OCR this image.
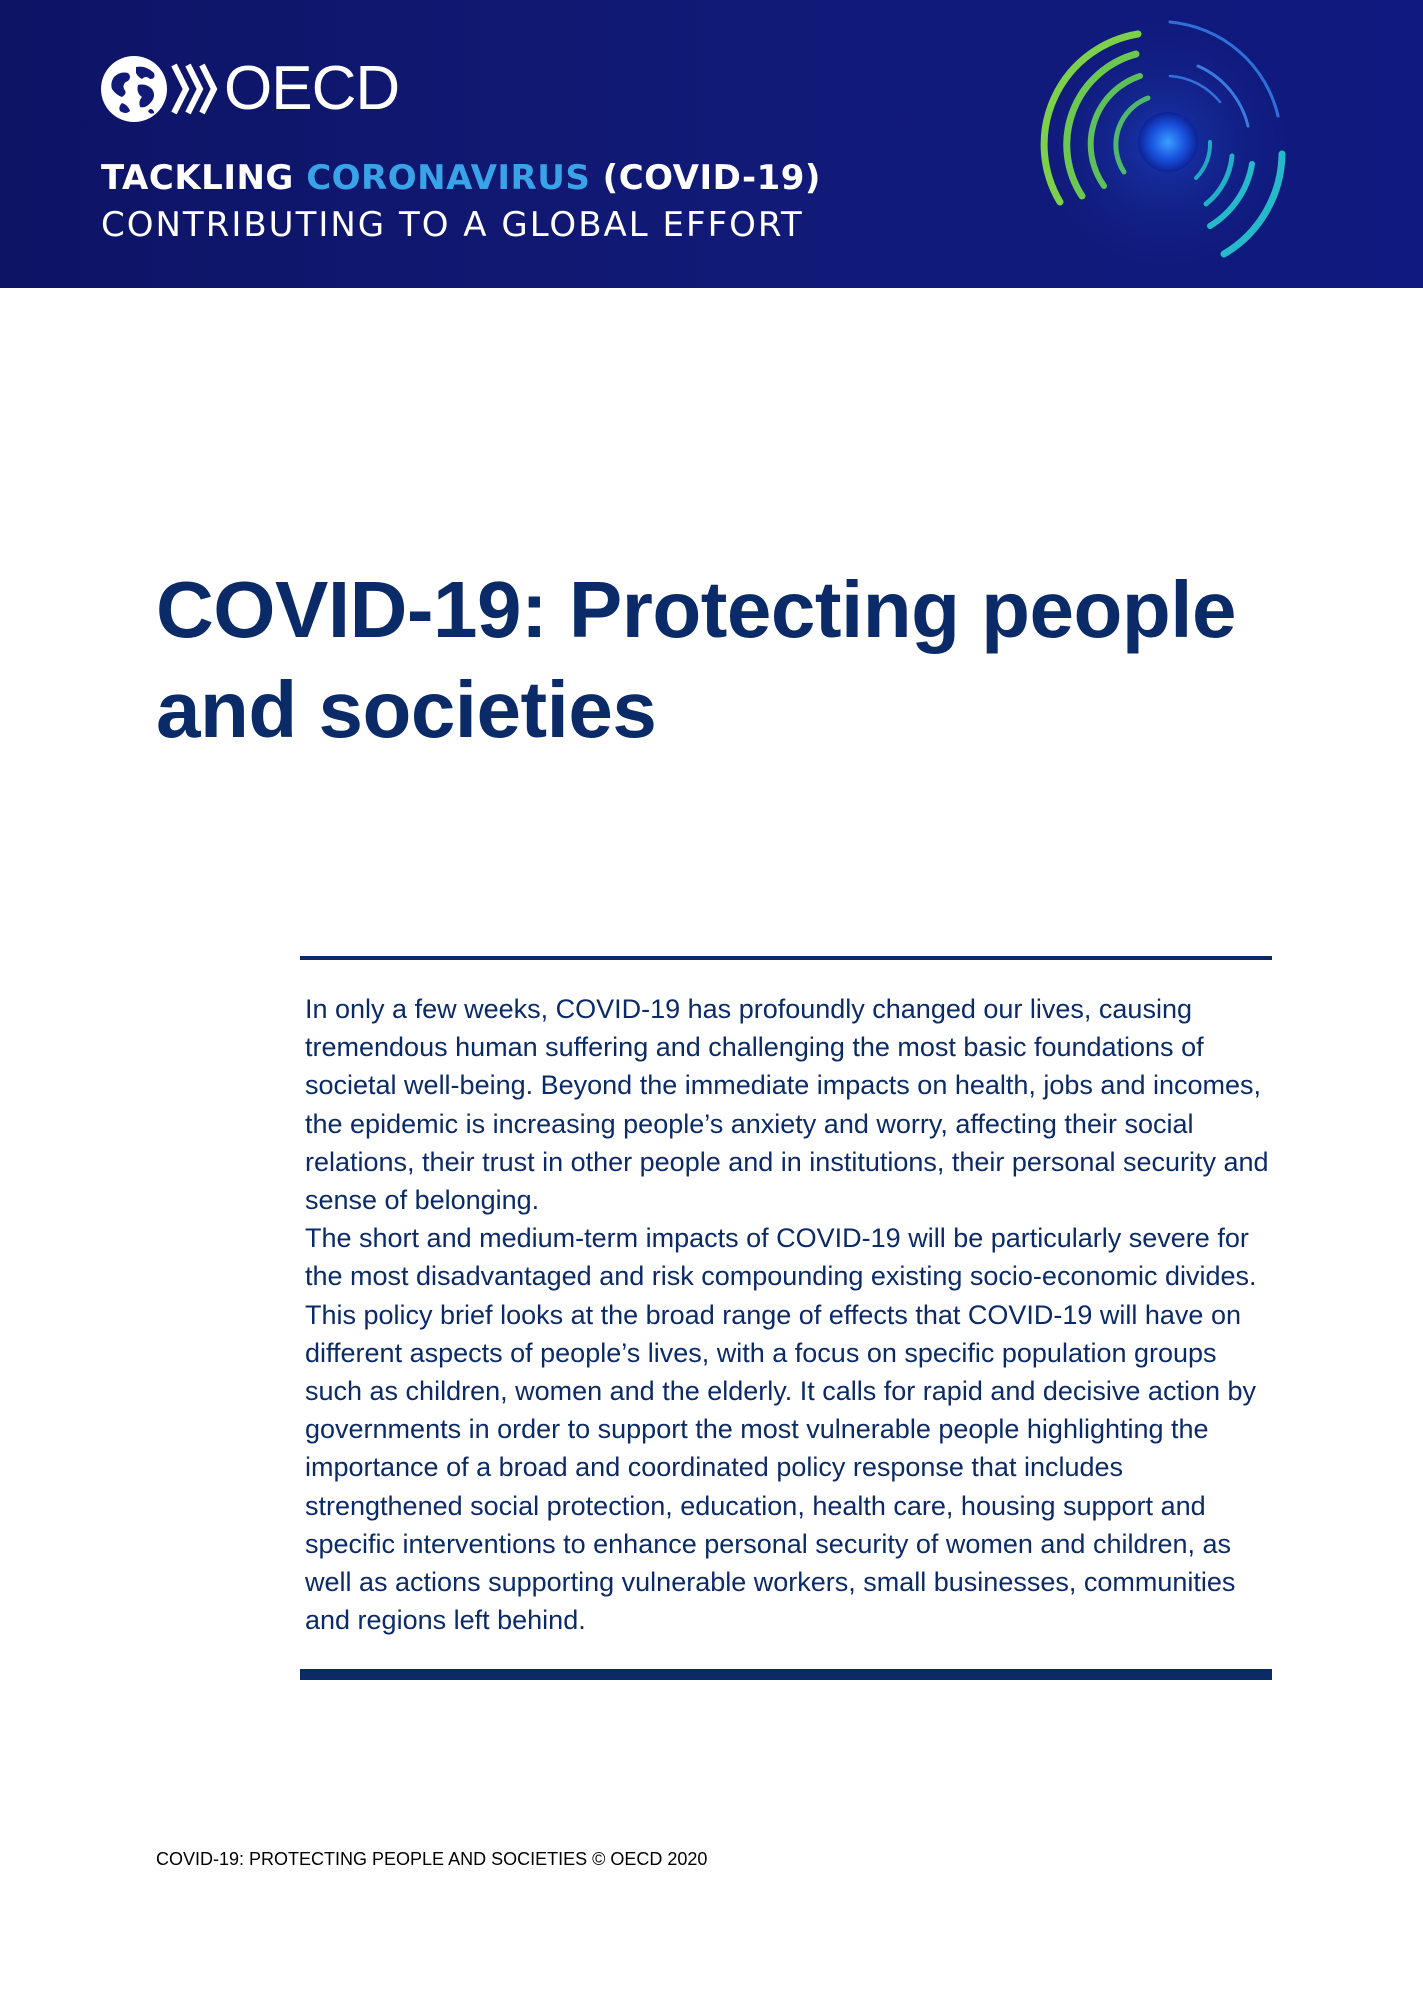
OECD
TACKLING CORONAVIRUS (COVID-19)
CONTRIBUTING TO A GLOBAL EFFORT
COVID-19: Protecting people and societies

In only a few weeks, COVID-19 has profoundly changed our lives, causing tremendous human suffering and challenging the most basic foundations of societal well-being. Beyond the immediate impacts on health, jobs and incomes, the epidemic is increasing people’s anxiety and worry, affecting their social relations, their trust in other people and in institutions, their personal security and sense of belonging.

The short and medium-term impacts of COVID-19 will be particularly severe for the most disadvantaged and risk compounding existing socio-economic divides. This policy brief looks at the broad range of effects that COVID-19 will have on different aspects of people’s lives, with a focus on specific population groups such as children, women and the elderly. It calls for rapid and decisive action by governments in order to support the most vulnerable people highlighting the importance of a broad and coordinated policy response that includes strengthened social protection, education, health care, housing support and specific interventions to enhance personal security of women and children, as well as actions supporting vulnerable workers, small businesses, communities and regions left behind.

COVID-19: PROTECTING PEOPLE AND SOCIETIES © OECD 2020
